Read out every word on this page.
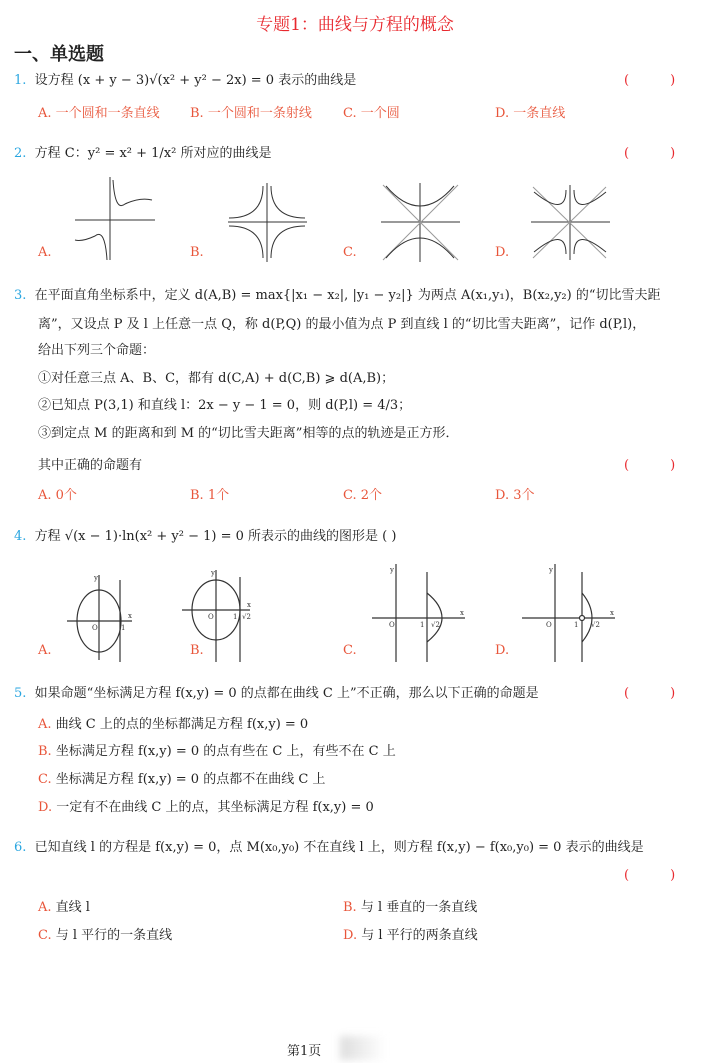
专题1：曲线与方程的概念
一、单选题
1. 设方程 (x + y − 3)√(x² + y² − 2x) = 0 表示的曲线是	(　)
A. 一个圆和一条直线 B. 一个圆和一条射线 C. 一个圆	D. 一条直线
2. 方程 C：y² = x² + 1/x² 所对应的曲线是	(　)
A.	B.	C.	D.
3. 在平面直角坐标系中，定义 d(A,B) = max{|x₁ − x₂|, |y₁ − y₂|} 为两点 A(x₁,y₁)，B(x₂,y₂) 的“切比雪夫距
离”，又设点 P 及 l 上任意一点 Q，称 d(P,Q) 的最小值为点 P 到直线 l 的“切比雪夫距离”，记作 d(P,l)，
给出下列三个命题：
①对任意三点 A、B、C，都有 d(C,A) + d(C,B) ⩾ d(A,B)；
②已知点 P(3,1) 和直线 l：2x − y − 1 = 0，则 d(P,l) = 4/3；
③到定点 M 的距离和到 M 的“切比雪夫距离”相等的点的轨迹是正方形．
其中正确的命题有	(　)
A. 0个	B. 1个	C. 2个	D. 3个
4. 方程 √(x − 1)·ln(x² + y² − 1) = 0 所表示的曲线的图形是 ( )
A.	B.	C.	D.
x
y
O	1
x
y
O	1 √2	x
y
O	1 √2
x
y
O	1 √2
5. 如果命题“坐标满足方程 f(x,y) = 0 的点都在曲线 C 上”不正确，那么以下正确的命题是	(　)
A. 曲线 C 上的点的坐标都满足方程 f(x,y) = 0
B. 坐标满足方程 f(x,y) = 0 的点有些在 C 上，有些不在 C 上
C. 坐标满足方程 f(x,y) = 0 的点都不在曲线 C 上
D. 一定有不在曲线 C 上的点，其坐标满足方程 f(x,y) = 0
6. 已知直线 l 的方程是 f(x,y) = 0，点 M(x₀,y₀) 不在直线 l 上，则方程 f(x,y) − f(x₀,y₀) = 0 表示的曲线是
(　)
A. 直线 l	B. 与 l 垂直的一条直线
C. 与 l 平行的一条直线	D. 与 l 平行的两条直线
第1页
